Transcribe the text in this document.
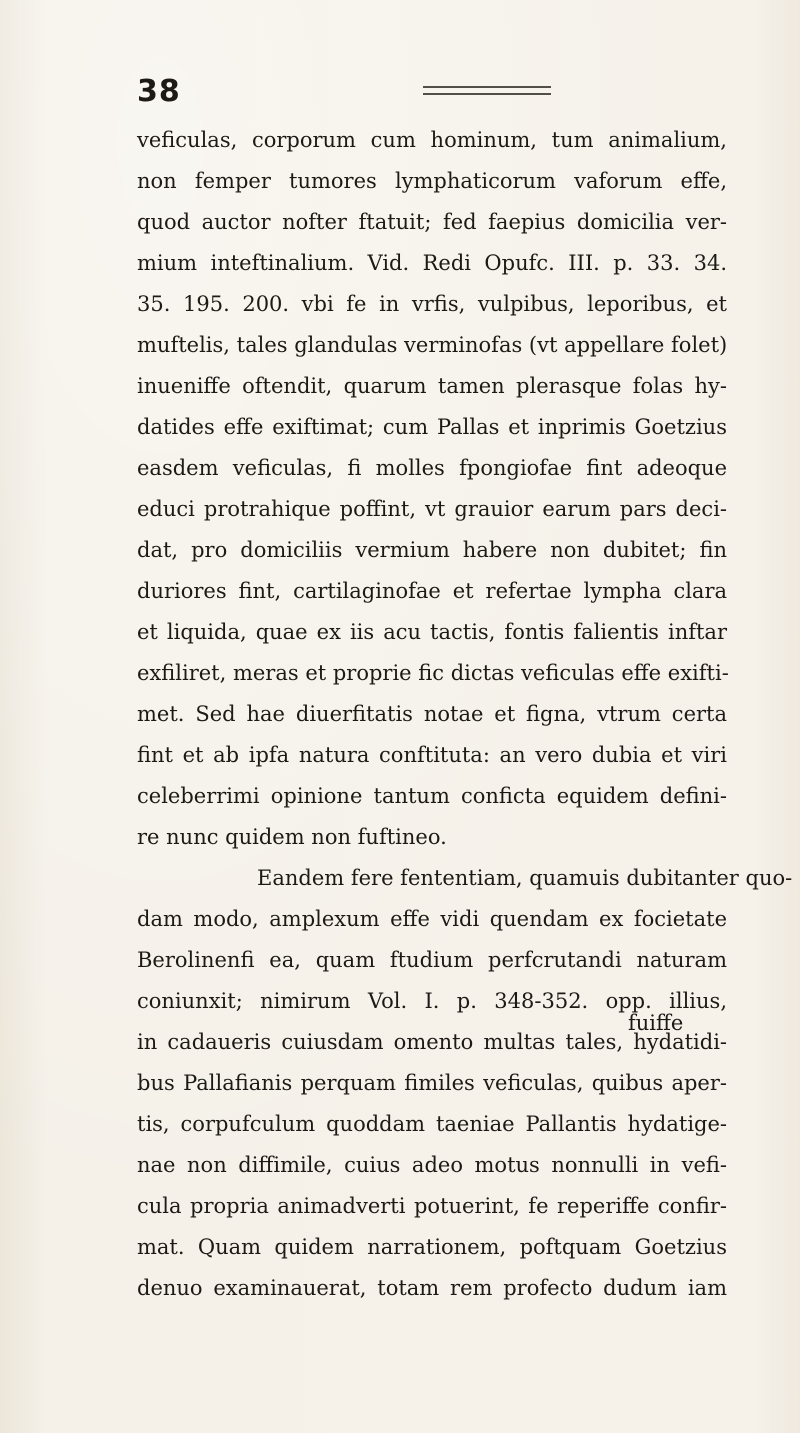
38
veficulas, corporum cum hominum, tum animalium,
non femper tumores lymphaticorum vaforum effe,
quod auctor nofter ftatuit; fed faepius domicilia ver-
mium inteftinalium. Vid. Redi Opufc. III. p. 33. 34.
35. 195. 200. vbi fe in vrfis, vulpibus, leporibus, et
muftelis, tales glandulas verminofas (vt appellare folet)
inueniffe oftendit, quarum tamen plerasque folas hy-
datides effe exiftimat; cum Pallas et inprimis Goetzius
easdem veficulas, fi molles fpongiofae fint adeoque
educi protrahique poffint, vt grauior earum pars deci-
dat, pro domiciliis vermium habere non dubitet; fin
duriores fint, cartilaginofae et refertae lympha clara
et liquida, quae ex iis acu tactis, fontis falientis inftar
exfiliret, meras et proprie fic dictas veficulas effe exifti-
met. Sed hae diuerfitatis notae et figna, vtrum certa
fint et ab ipfa natura conftituta: an vero dubia et viri
celeberrimi opinione tantum conficta equidem defini-
re nunc quidem non fuftineo.
Eandem fere fententiam, quamuis dubitanter quo-
dam modo, amplexum effe vidi quendam ex focietate
Berolinenfi ea, quam ftudium perfcrutandi naturam
coniunxit; nimirum Vol. I. p. 348-352. opp. illius,
in cadaueris cuiusdam omento multas tales, hydatidi-
bus Pallafianis perquam fimiles veficulas, quibus aper-
tis, corpufculum quoddam taeniae Pallantis hydatige-
nae non diffimile, cuius adeo motus nonnulli in vefi-
cula propria animadverti potuerint, fe reperiffe confir-
mat. Quam quidem narrationem, poftquam Goetzius
denuo examinauerat, totam rem profecto dudum iam
fuiffe
